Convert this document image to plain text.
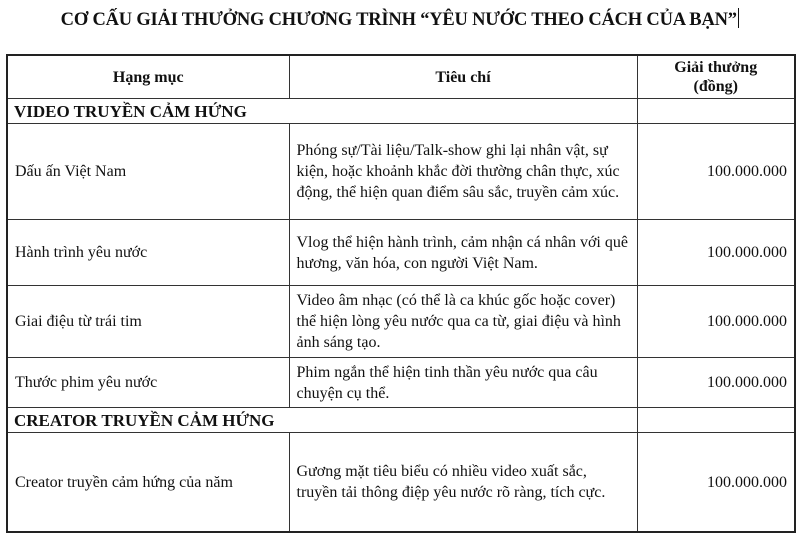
CƠ CẤU GIẢI THƯỞNG CHƯƠNG TRÌNH “YÊU NƯỚC THEO CÁCH CỦA BẠN”
Hạng mục	Tiêu chí	Giải thưởng
(đồng)
VIDEO TRUYỀN CẢM HỨNG		
Dấu ấn Việt Nam	Phóng sự/Tài liệu/Talk-show ghi lại nhân vật, sự kiện, hoặc khoảnh khắc đời thường chân thực, xúc động, thể hiện quan điểm sâu sắc, truyền cảm xúc.	100.000.000
Hành trình yêu nước	Vlog thể hiện hành trình, cảm nhận cá nhân với quê hương, văn hóa, con người Việt Nam.	100.000.000
Giai điệu từ trái tim	Video âm nhạc (có thể là ca khúc gốc hoặc cover) thể hiện lòng yêu nước qua ca từ, giai điệu và hình ảnh sáng tạo.	100.000.000
Thước phim yêu nước	Phim ngắn thể hiện tinh thần yêu nước qua câu chuyện cụ thể.	100.000.000
CREATOR TRUYỀN CẢM HỨNG		
Creator truyền cảm hứng của năm	Gương mặt tiêu biểu có nhiều video xuất sắc, truyền tải thông điệp yêu nước rõ ràng, tích cực.	100.000.000
